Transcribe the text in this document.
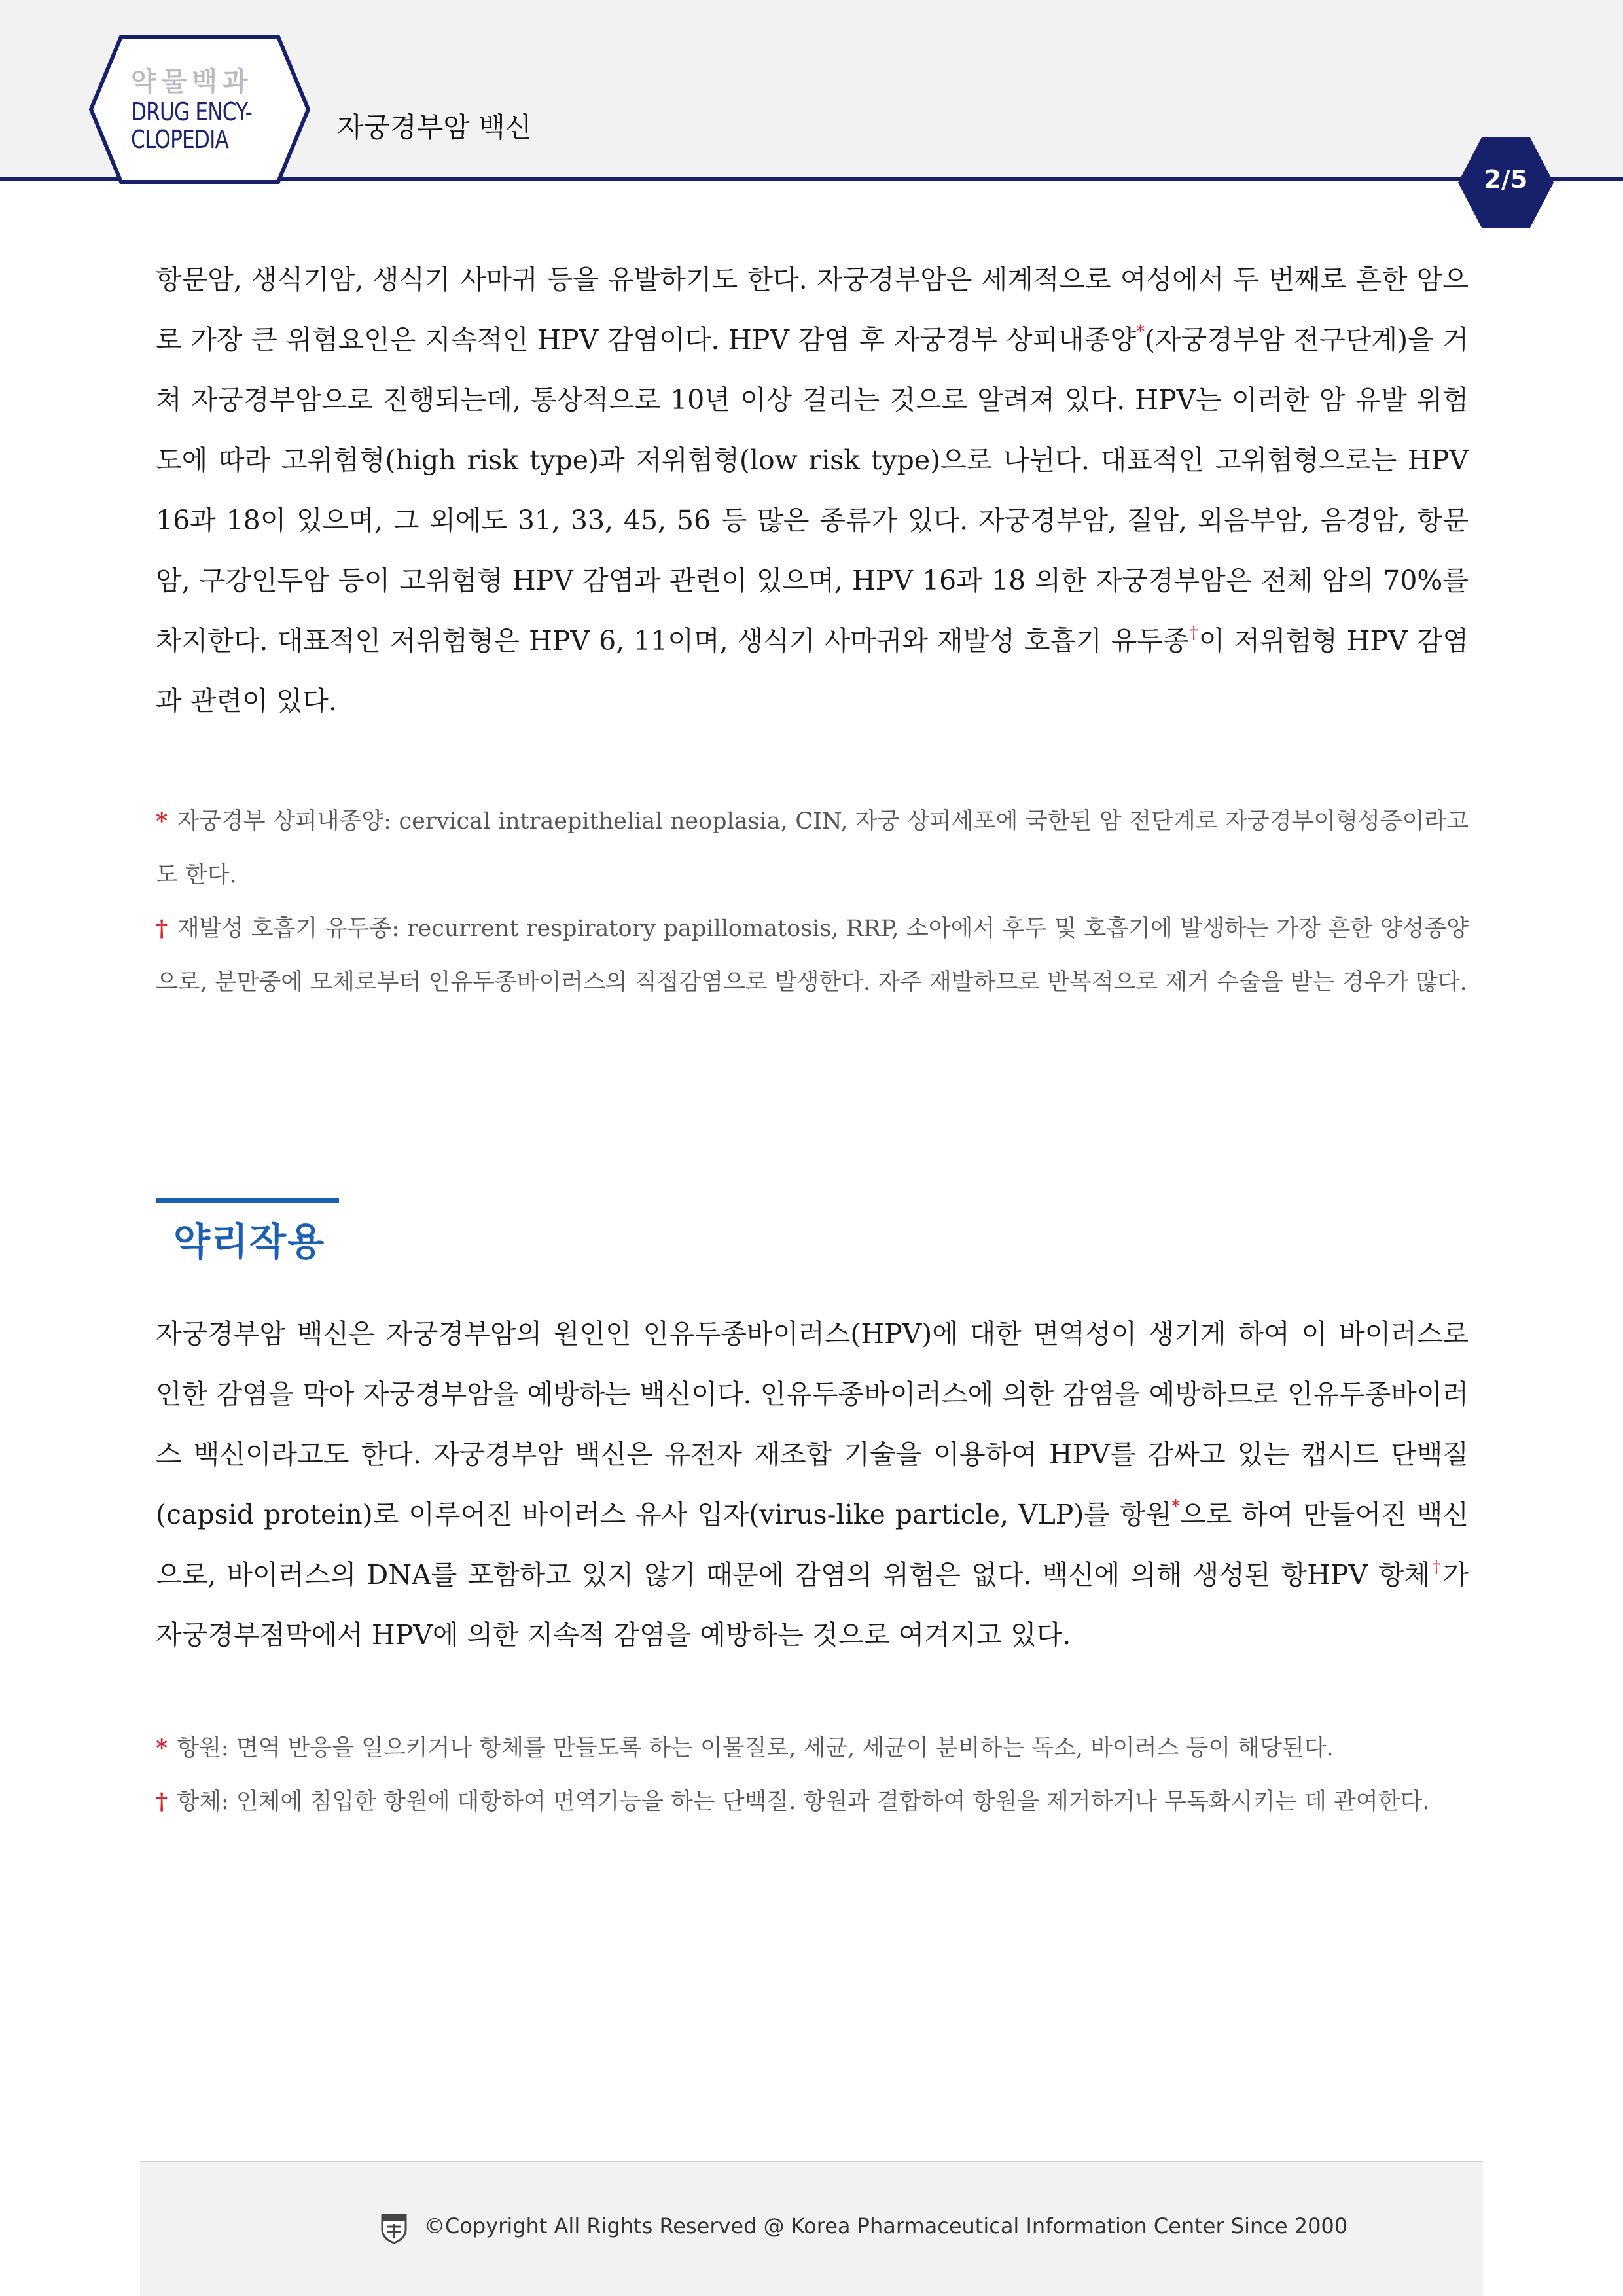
약물백과
DRUG ENCY-
CLOPEDIA	자궁경부암 백신
2/5

항문암, 생식기암, 생식기 사마귀 등을 유발하기도 한다. 자궁경부암은 세계적으로 여성에서 두 번째로 흔한 암으로 가장 큰 위험요인은 지속적인 HPV 감염이다. HPV 감염 후 자궁경부 상피내종양*(자궁경부암 전구단계)을 거쳐 자궁경부암으로 진행되는데, 통상적으로 10년 이상 걸리는 것으로 알려져 있다. HPV는 이러한 암 유발 위험도에 따라 고위험형(high risk type)과 저위험형(low risk type)으로 나뉜다. 대표적인 고위험형으로는 HPV 16과 18이 있으며, 그 외에도 31, 33, 45, 56 등 많은 종류가 있다. 자궁경부암, 질암, 외음부암, 음경암, 항문암, 구강인두암 등이 고위험형 HPV 감염과 관련이 있으며, HPV 16과 18 의한 자궁경부암은 전체 암의 70%를 차지한다. 대표적인 저위험형은 HPV 6, 11이며, 생식기 사마귀와 재발성 호흡기 유두종†이 저위험형 HPV 감염과 관련이 있다.

* 자궁경부 상피내종양: cervical intraepithelial neoplasia, CIN, 자궁 상피세포에 국한된 암 전단계로 자궁경부이형성증이라고도 한다.

† 재발성 호흡기 유두종: recurrent respiratory papillomatosis, RRP, 소아에서 후두 및 호흡기에 발생하는 가장 흔한 양성종양으로, 분만중에 모체로부터 인유두종바이러스의 직접감염으로 발생한다. 자주 재발하므로 반복적으로 제거 수술을 받는 경우가 많다.

약리작용

자궁경부암 백신은 자궁경부암의 원인인 인유두종바이러스(HPV)에 대한 면역성이 생기게 하여 이 바이러스로 인한 감염을 막아 자궁경부암을 예방하는 백신이다. 인유두종바이러스에 의한 감염을 예방하므로 인유두종바이러스 백신이라고도 한다. 자궁경부암 백신은 유전자 재조합 기술을 이용하여 HPV를 감싸고 있는 캡시드 단백질(capsid protein)로 이루어진 바이러스 유사 입자(virus-like particle, VLP)를 항원*으로 하여 만들어진 백신으로, 바이러스의 DNA를 포함하고 있지 않기 때문에 감염의 위험은 없다. 백신에 의해 생성된 항HPV 항체†가 자궁경부점막에서 HPV에 의한 지속적 감염을 예방하는 것으로 여겨지고 있다.

* 항원: 면역 반응을 일으키거나 항체를 만들도록 하는 이물질로, 세균, 세균이 분비하는 독소, 바이러스 등이 해당된다.

† 항체: 인체에 침입한 항원에 대항하여 면역기능을 하는 단백질. 항원과 결합하여 항원을 제거하거나 무독화시키는 데 관여한다.

©Copyright All Rights Reserved @ Korea Pharmaceutical Information Center Since 2000
